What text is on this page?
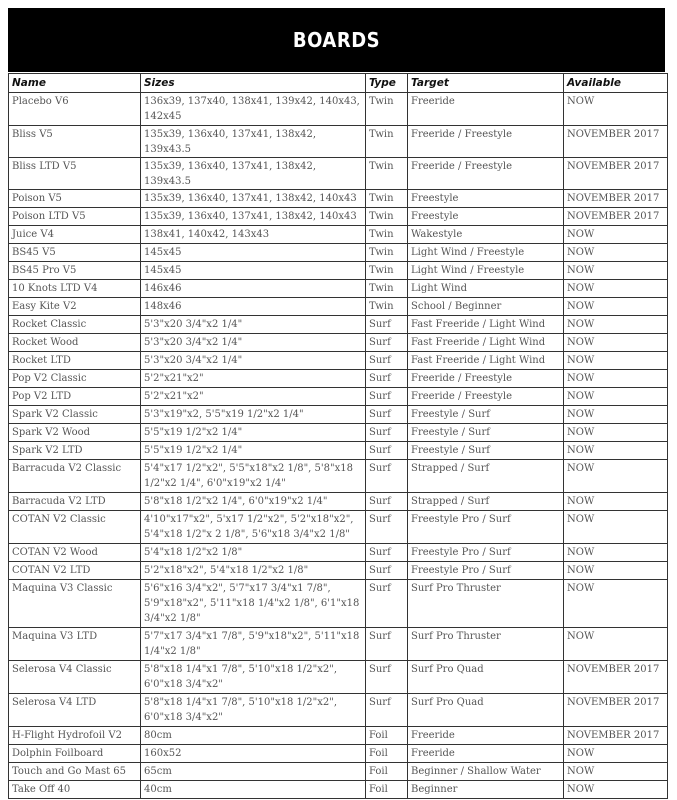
BOARDS
Name	Sizes	Type	Target	Available
Placebo V6	136x39, 137x40, 138x41, 139x42, 140x43, 142x45	Twin	Freeride	NOW
Bliss V5	135x39, 136x40, 137x41, 138x42, 139x43.5	Twin	Freeride / Freestyle	NOVEMBER 2017
Bliss LTD V5	135x39, 136x40, 137x41, 138x42, 139x43.5	Twin	Freeride / Freestyle	NOVEMBER 2017
Poison V5	135x39, 136x40, 137x41, 138x42, 140x43	Twin	Freestyle	NOVEMBER 2017
Poison LTD V5	135x39, 136x40, 137x41, 138x42, 140x43	Twin	Freestyle	NOVEMBER 2017
Juice V4	138x41, 140x42, 143x43	Twin	Wakestyle	NOW
BS45 V5	145x45	Twin	Light Wind / Freestyle	NOW
BS45 Pro V5	145x45	Twin	Light Wind / Freestyle	NOW
10 Knots LTD V4	146x46	Twin	Light Wind	NOW
Easy Kite V2	148x46	Twin	School / Beginner	NOW
Rocket Classic	5'3"x20 3/4"x2 1/4"	Surf	Fast Freeride / Light Wind	NOW
Rocket Wood	5'3"x20 3/4"x2 1/4"	Surf	Fast Freeride / Light Wind	NOW
Rocket LTD	5'3"x20 3/4"x2 1/4"	Surf	Fast Freeride / Light Wind	NOW
Pop V2 Classic	5'2"x21"x2"	Surf	Freeride / Freestyle	NOW
Pop V2 LTD	5'2"x21"x2"	Surf	Freeride / Freestyle	NOW
Spark V2 Classic	5'3"x19"x2, 5'5"x19 1/2"x2 1/4"	Surf	Freestyle / Surf	NOW
Spark V2 Wood	5'5"x19 1/2"x2 1/4"	Surf	Freestyle / Surf	NOW
Spark V2 LTD	5'5"x19 1/2"x2 1/4"	Surf	Freestyle / Surf	NOW
Barracuda V2 Classic	5'4"x17 1/2"x2", 5'5"x18"x2 1/8", 5'8"x18 1/2"x2 1/4", 6'0"x19"x2 1/4"	Surf	Strapped / Surf	NOW
Barracuda V2 LTD	5'8"x18 1/2"x2 1/4", 6'0"x19"x2 1/4"	Surf	Strapped / Surf	NOW
COTAN V2 Classic	4'10"x17"x2", 5'x17 1/2"x2", 5'2"x18"x2", 5'4"x18 1/2"x 2 1/8", 5'6"x18 3/4"x2 1/8"	Surf	Freestyle Pro / Surf	NOW
COTAN V2 Wood	5'4"x18 1/2"x2 1/8"	Surf	Freestyle Pro / Surf	NOW
COTAN V2 LTD	5'2"x18"x2", 5'4"x18 1/2"x2 1/8"	Surf	Freestyle Pro / Surf	NOW
Maquina V3 Classic	5'6"x16 3/4"x2", 5'7"x17 3/4"x1 7/8", 5'9"x18"x2", 5'11"x18 1/4"x2 1/8", 6'1"x18 3/4"x2 1/8"	Surf	Surf Pro Thruster	NOW
Maquina V3 LTD	5'7"x17 3/4"x1 7/8", 5'9"x18"x2", 5'11"x18 1/4"x2 1/8"	Surf	Surf Pro Thruster	NOW
Selerosa V4 Classic	5'8"x18 1/4"x1 7/8", 5'10"x18 1/2"x2", 6'0"x18 3/4"x2"	Surf	Surf Pro Quad	NOVEMBER 2017
Selerosa V4 LTD	5'8"x18 1/4"x1 7/8", 5'10"x18 1/2"x2", 6'0"x18 3/4"x2"	Surf	Surf Pro Quad	NOVEMBER 2017
H-Flight Hydrofoil V2	80cm	Foil	Freeride	NOVEMBER 2017
Dolphin Foilboard	160x52	Foil	Freeride	NOW
Touch and Go Mast 65	65cm	Foil	Beginner / Shallow Water	NOW
Take Off 40	40cm	Foil	Beginner	NOW
